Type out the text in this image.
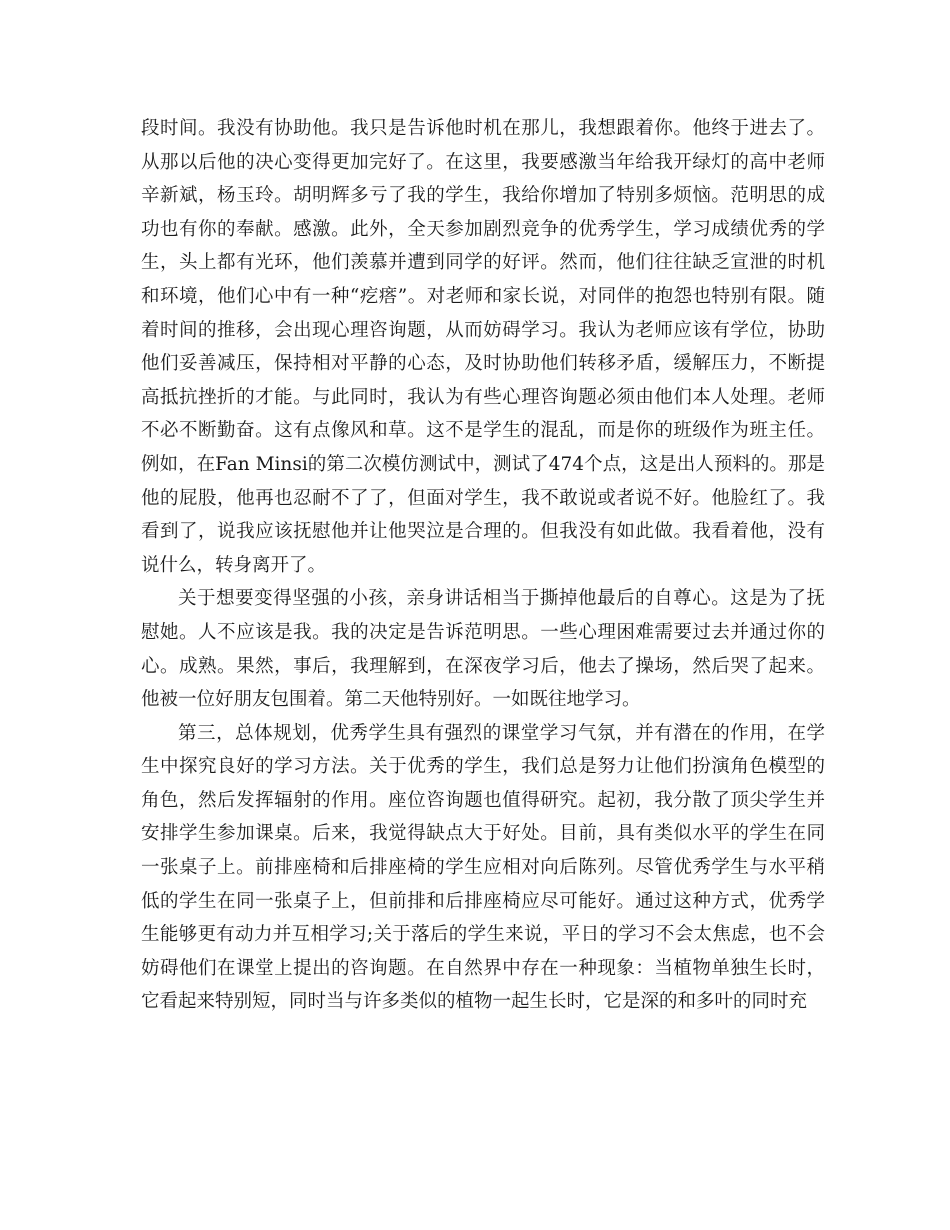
段时间。我没有协助他。我只是告诉他时机在那儿，我想跟着你。他终于进去了。从那以后他的决心变得更加完好了。在这里，我要感激当年给我开绿灯的高中老师辛新斌，杨玉玲。胡明辉多亏了我的学生，我给你增加了特别多烦恼。范明思的成功也有你的奉献。感激。此外，全天参加剧烈竞争的优秀学生，学习成绩优秀的学生，头上都有光环，他们羡慕并遭到同学的好评。然而，他们往往缺乏宣泄的时机和环境，他们心中有一种“疙瘩”。对老师和家长说，对同伴的抱怨也特别有限。随着时间的推移，会出现心理咨询题，从而妨碍学习。我认为老师应该有学位，协助他们妥善减压，保持相对平静的心态，及时协助他们转移矛盾，缓解压力，不断提高抵抗挫折的才能。与此同时，我认为有些心理咨询题必须由他们本人处理。老师不必不断勤奋。这有点像风和草。这不是学生的混乱，而是你的班级作为班主任。例如，在Fan Minsi的第二次模仿测试中，测试了474个点，这是出人预料的。那是他的屁股，他再也忍耐不了了，但面对学生，我不敢说或者说不好。他脸红了。我看到了，说我应该抚慰他并让他哭泣是合理的。但我没有如此做。我看着他，没有说什么，转身离开了。

关于想要变得坚强的小孩，亲身讲话相当于撕掉他最后的自尊心。这是为了抚慰她。人不应该是我。我的决定是告诉范明思。一些心理困难需要过去并通过你的心。成熟。果然，事后，我理解到，在深夜学习后，他去了操场，然后哭了起来。他被一位好朋友包围着。第二天他特别好。一如既往地学习。

第三，总体规划，优秀学生具有强烈的课堂学习气氛，并有潜在的作用，在学生中探究良好的学习方法。关于优秀的学生，我们总是努力让他们扮演角色模型的角色，然后发挥辐射的作用。座位咨询题也值得研究。起初，我分散了顶尖学生并安排学生参加课桌。后来，我觉得缺点大于好处。目前，具有类似水平的学生在同一张桌子上。前排座椅和后排座椅的学生应相对向后陈列。尽管优秀学生与水平稍低的学生在同一张桌子上，但前排和后排座椅应尽可能好。通过这种方式，优秀学生能够更有动力并互相学习;关于落后的学生来说，平日的学习不会太焦虑，也不会妨碍他们在课堂上提出的咨询题。在自然界中存在一种现象：当植物单独生长时，它看起来特别短，同时当与许多类似的植物一起生长时，它是深的和多叶的同时充
